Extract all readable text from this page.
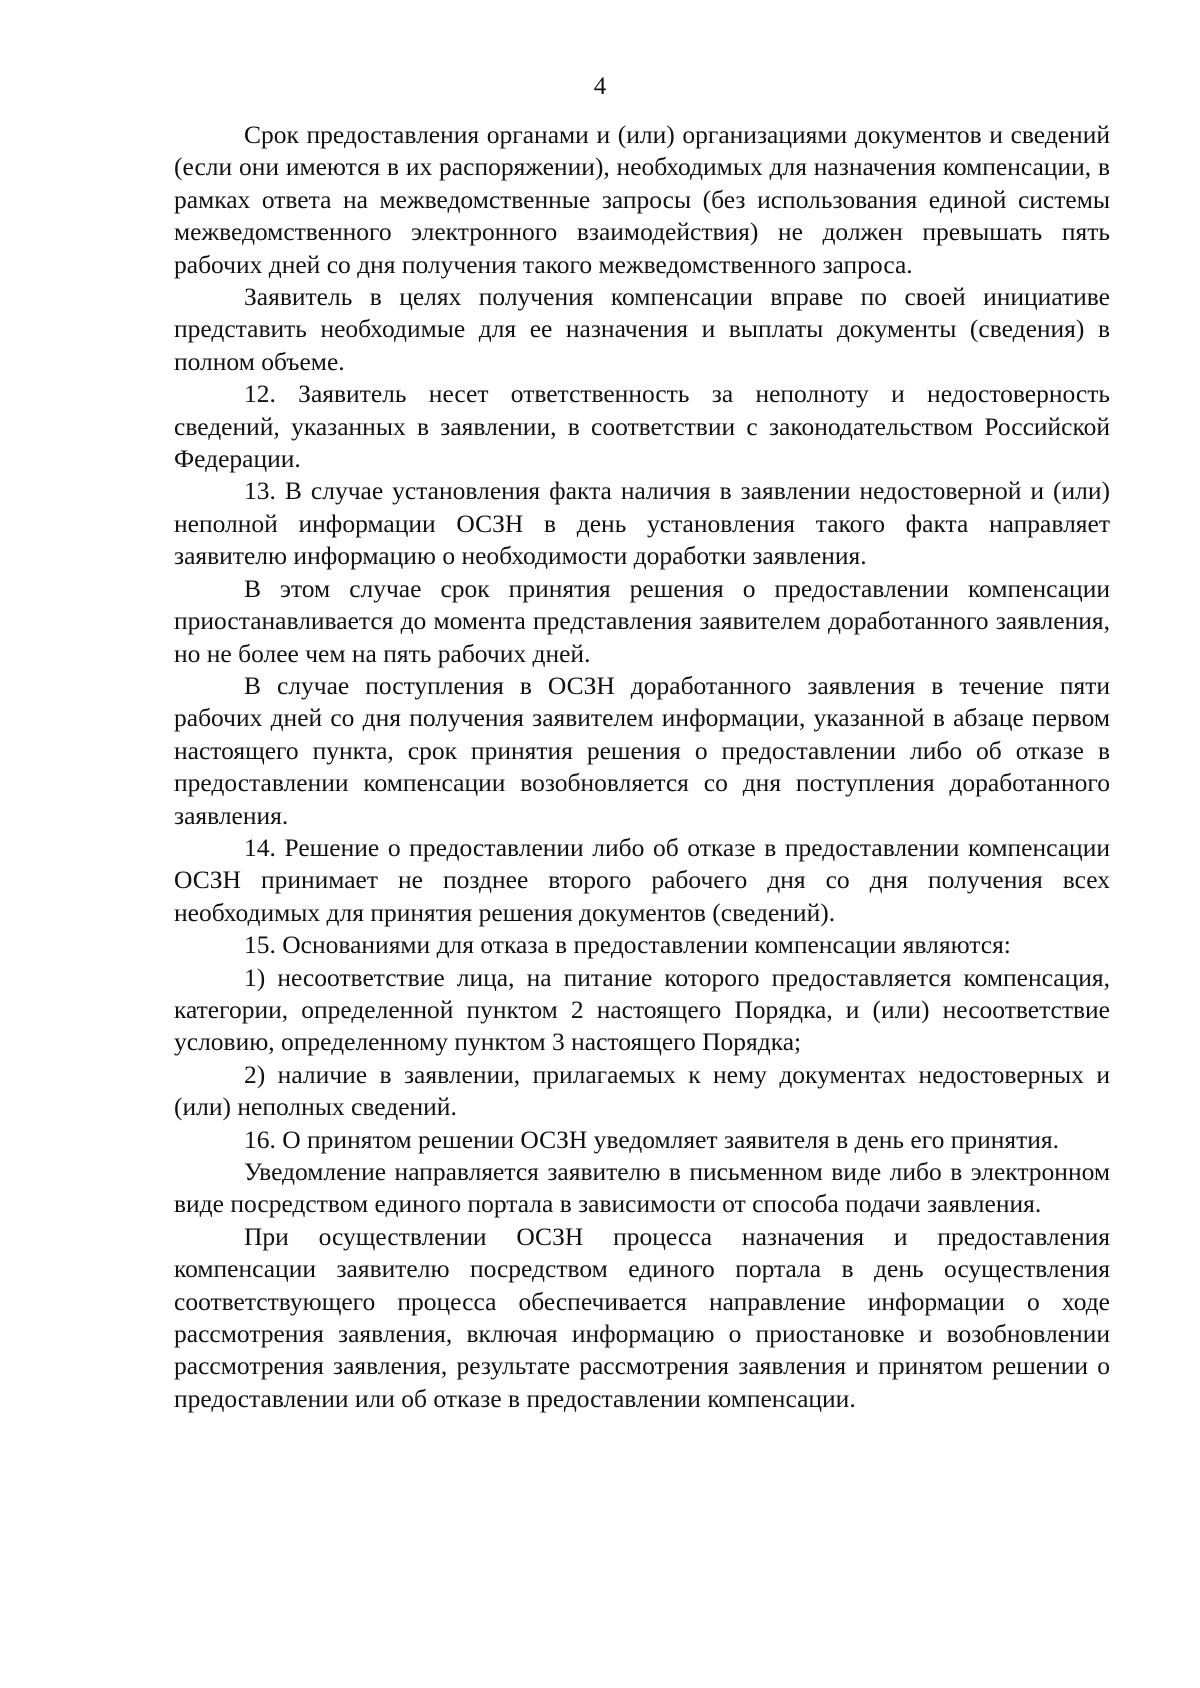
4

Срок предоставления органами и (или) организациями документов и сведений (если они имеются в их распоряжении), необходимых для назначения компенсации, в рамках ответа на межведомственные запросы (без использования единой системы межведомственного электронного взаимодействия) не должен превышать пять рабочих дней со дня получения такого межведомственного запроса.

Заявитель в целях получения компенсации вправе по своей инициативе представить необходимые для ее назначения и выплаты документы (сведения) в полном объеме.

12. Заявитель несет ответственность за неполноту и недостоверность сведений, указанных в заявлении, в соответствии с законодательством Российской Федерации.

13. В случае установления факта наличия в заявлении недостоверной и (или) неполной информации ОСЗН в день установления такого факта направляет заявителю информацию о необходимости доработки заявления.

В этом случае срок принятия решения о предоставлении компенсации приостанавливается до момента представления заявителем доработанного заявления, но не более чем на пять рабочих дней.

В случае поступления в ОСЗН доработанного заявления в течение пяти рабочих дней со дня получения заявителем информации, указанной в абзаце первом настоящего пункта, срок принятия решения о предоставлении либо об отказе в предоставлении компенсации возобновляется со дня поступления доработанного заявления.

14. Решение о предоставлении либо об отказе в предоставлении компенсации ОСЗН принимает не позднее второго рабочего дня со дня получения всех необходимых для принятия решения документов (сведений).

15. Основаниями для отказа в предоставлении компенсации являются:

1) несоответствие лица, на питание которого предоставляется компенсация, категории, определенной пунктом 2 настоящего Порядка, и (или) несоответствие условию, определенному пунктом 3 настоящего Порядка;

2) наличие в заявлении, прилагаемых к нему документах недостоверных и (или) неполных сведений.

16. О принятом решении ОСЗН уведомляет заявителя в день его принятия.

Уведомление направляется заявителю в письменном виде либо в электронном виде посредством единого портала в зависимости от способа подачи заявления.

При осуществлении ОСЗН процесса назначения и предоставления компенсации заявителю посредством единого портала в день осуществления соответствующего процесса обеспечивается направление информации о ходе рассмотрения заявления, включая информацию о приостановке и возобновлении рассмотрения заявления, результате рассмотрения заявления и принятом решении о предоставлении или об отказе в предоставлении компенсации.
